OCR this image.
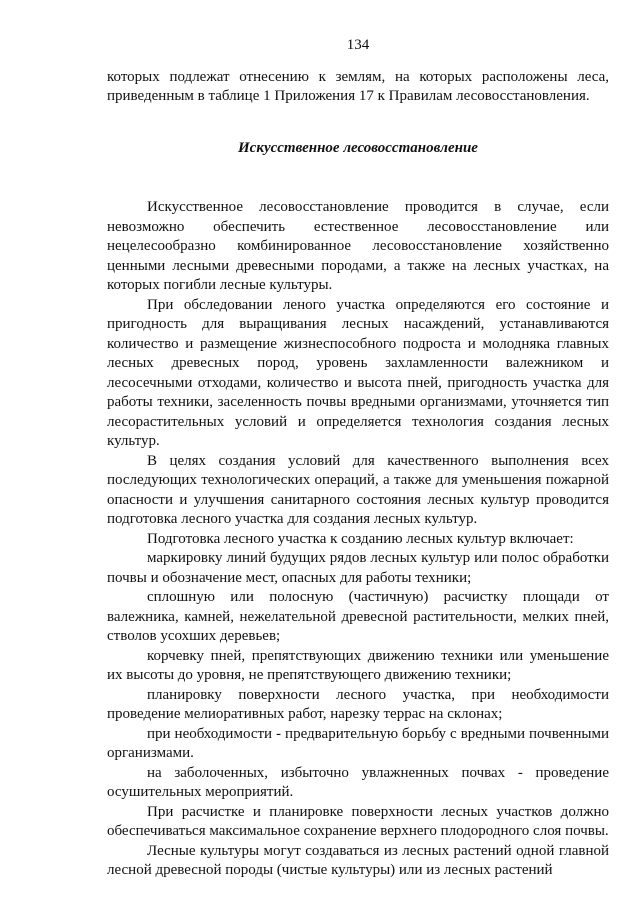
134

которых подлежат отнесению к землям, на которых расположены леса, приведенным в таблице 1 Приложения 17 к Правилам лесовосстановления.

Искусственное лесовосстановление

Искусственное лесовосстановление проводится в случае, если невозможно обеспечить естественное лесовосстановление или нецелесообразно комбинированное лесовосстановление хозяйственно ценными лесными древесными породами, а также на лесных участках, на которых погибли лесные культуры.

При обследовании леного участка определяются его состояние и пригодность для выращивания лесных насаждений, устанавливаются количество и размещение жизнеспособного подроста и молодняка главных лесных древесных пород, уровень захламленности валежником и лесосечными отходами, количество и высота пней, пригодность участка для работы техники, заселенность почвы вредными организмами, уточняется тип лесорастительных условий и определяется технология создания лесных культур.

В целях создания условий для качественного выполнения всех последующих технологических операций, а также для уменьшения пожарной опасности и улучшения санитарного состояния лесных культур проводится подготовка лесного участка для создания лесных культур.

Подготовка лесного участка к созданию лесных культур включает:

маркировку линий будущих рядов лесных культур или полос обработки почвы и обозначение мест, опасных для работы техники;

сплошную или полосную (частичную) расчистку площади от валежника, камней, нежелательной древесной растительности, мелких пней, стволов усохших деревьев;

корчевку пней, препятствующих движению техники или уменьшение их высоты до уровня, не препятствующего движению техники;

планировку поверхности лесного участка, при необходимости проведение мелиоративных работ, нарезку террас на склонах;

при необходимости - предварительную борьбу с вредными почвенными организмами.

на заболоченных, избыточно увлажненных почвах - проведение осушительных мероприятий.

При расчистке и планировке поверхности лесных участков должно обеспечиваться максимальное сохранение верхнего плодородного слоя почвы.

Лесные культуры могут создаваться из лесных растений одной главной лесной древесной породы (чистые культуры) или из лесных растений
